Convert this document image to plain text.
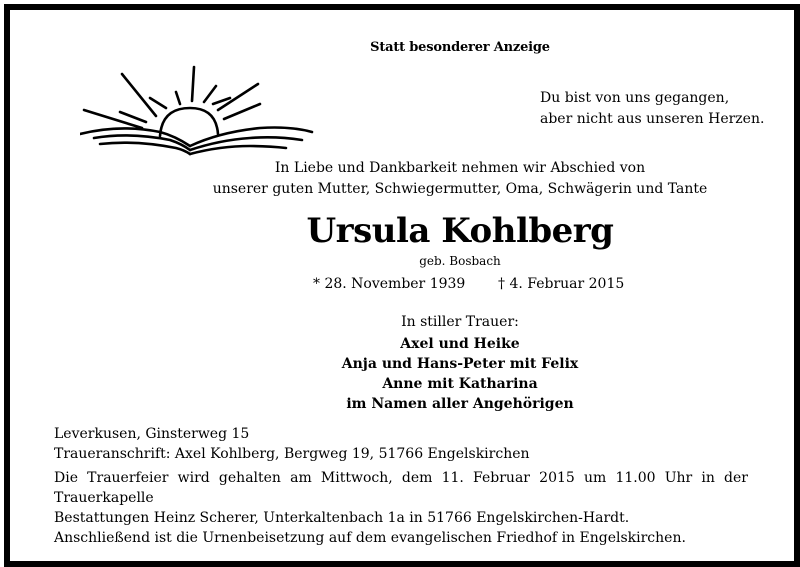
Statt besonderer Anzeige
Du bist von uns gegangen,
aber nicht aus unseren Herzen.
In Liebe und Dankbarkeit nehmen wir Abschied von
unserer guten Mutter, Schwiegermutter, Oma, Schwägerin und Tante
Ursula Kohlberg
geb. Bosbach
* 28. November 1939 † 4. Februar 2015
In stiller Trauer:
Axel und Heike
Anja und Hans-Peter mit Felix
Anne mit Katharina
im Namen aller Angehörigen
Leverkusen, Ginsterweg 15
Traueranschrift: Axel Kohlberg, Bergweg 19, 51766 Engelskirchen
Die Trauerfeier wird gehalten am Mittwoch, dem 11. Februar 2015 um 11.00 Uhr in der Trauerkapelle
Bestattungen Heinz Scherer, Unterkaltenbach 1a in 51766 Engelskirchen-Hardt.
Anschließend ist die Urnenbeisetzung auf dem evangelischen Friedhof in Engelskirchen.
